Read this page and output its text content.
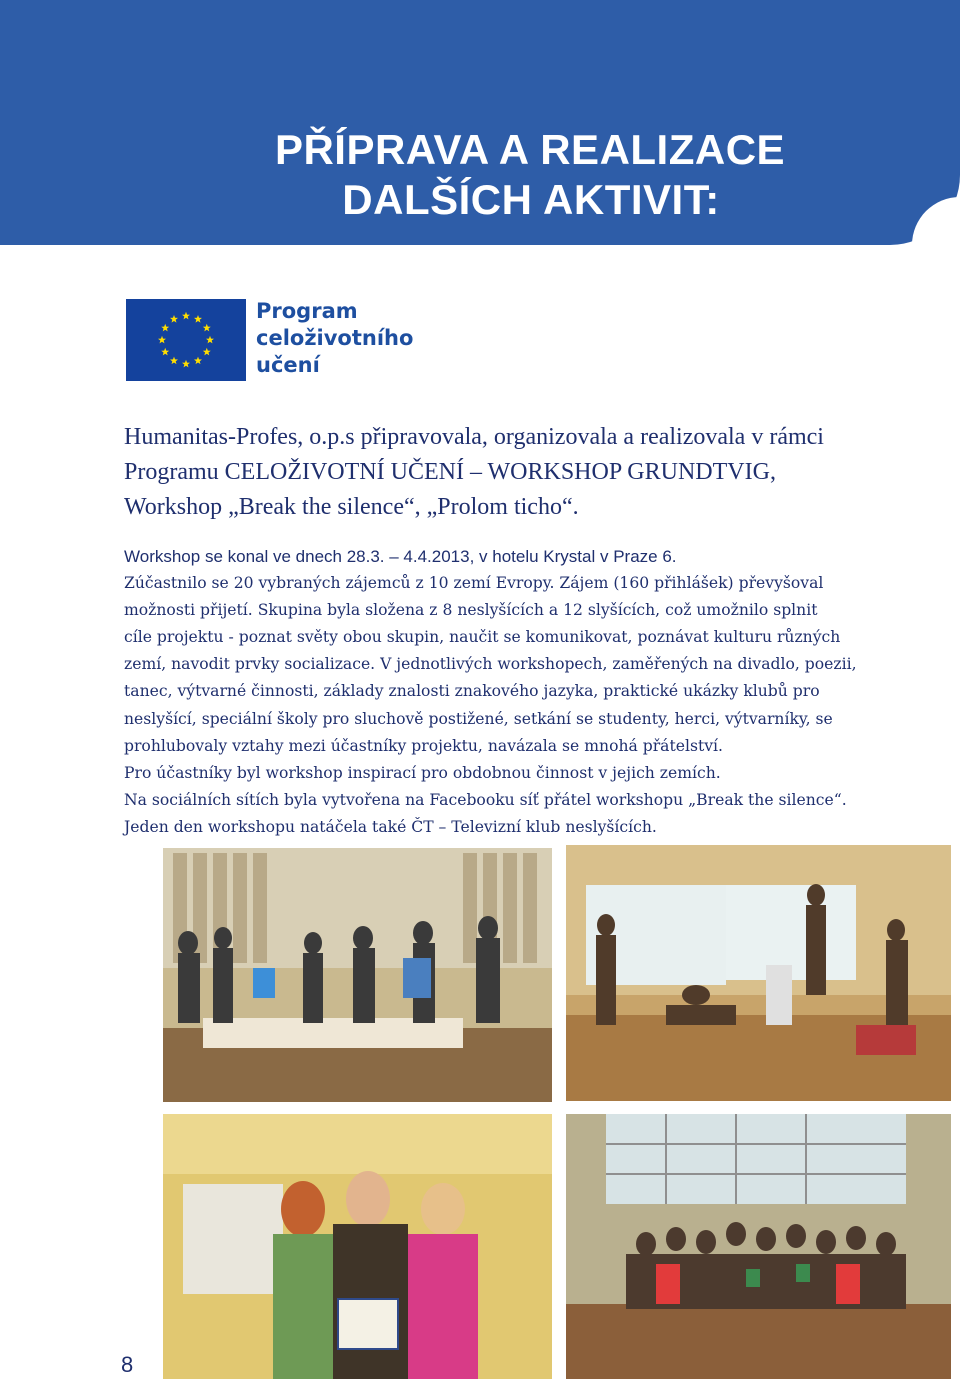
PŘÍPRAVA A REALIZACE
DALŠÍCH AKTIVIT:
Program
celoživotního
učení
Humanitas-Profes, o.p.s připravovala, organizovala a realizovala v rámci
Programu CELOŽIVOTNÍ UČENÍ – WORKSHOP GRUNDTVIG,
Workshop „Break the silence“, „Prolom ticho“.
Workshop se konal ve dnech 28.3. – 4.4.2013, v hotelu Krystal v Praze 6.
Zúčastnilo se 20 vybraných zájemců z 10 zemí Evropy. Zájem (160 přihlášek) převyšoval
možnosti přijetí. Skupina byla složena z 8 neslyšících a 12 slyšících, což umožnilo splnit
cíle projektu - poznat světy obou skupin, naučit se komunikovat, poznávat kulturu různých
zemí, navodit prvky socializace. V jednotlivých workshopech, zaměřených na divadlo, poezii,
tanec, výtvarné činnosti, základy znalosti znakového jazyka, praktické ukázky klubů pro
neslyšící, speciální školy pro sluchově postižené, setkání se studenty, herci, výtvarníky, se
prohlubovaly vztahy mezi účastníky projektu, navázala se mnohá přátelství.
Pro účastníky byl workshop inspirací pro obdobnou činnost v jejich zemích.
Na sociálních sítích byla vytvořena na Facebooku síť přátel workshopu „Break the silence“.
Jeden den workshopu natáčela také ČT – Televizní klub neslyšících.
8
